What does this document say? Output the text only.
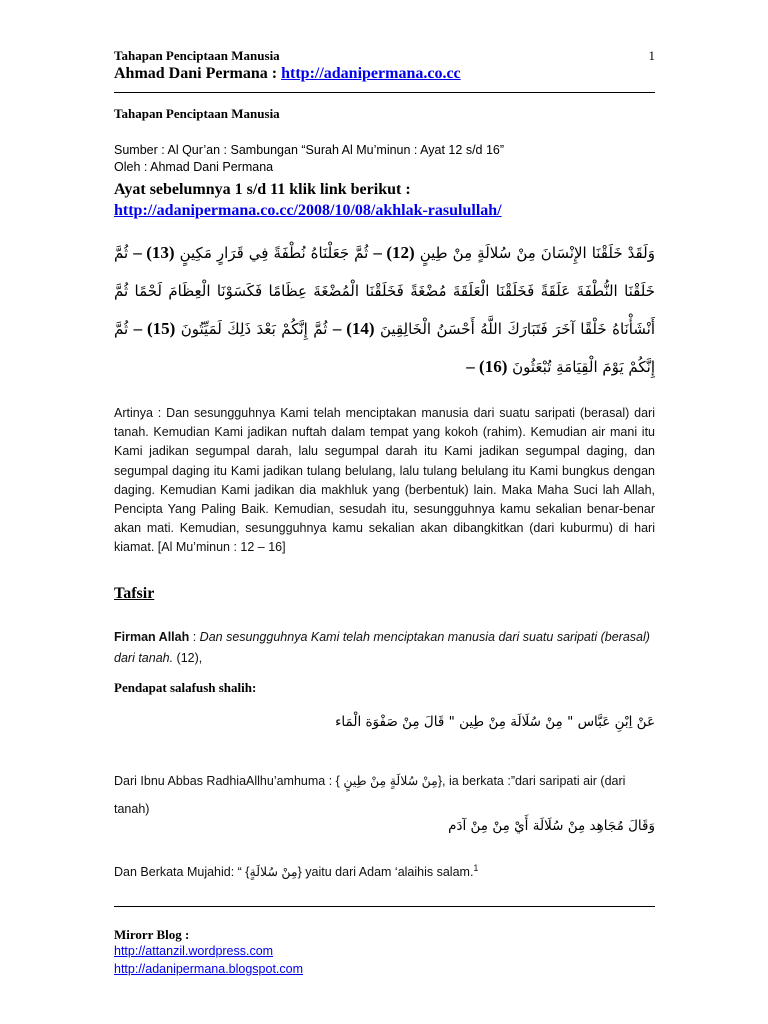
Tahapan Penciptaan Manusia	1
Ahmad Dani Permana : http://adanipermana.co.cc
Tahapan Penciptaan Manusia
Sumber : Al Qur’an : Sambungan “Surah Al Mu’minun : Ayat 12 s/d 16”
Oleh : Ahmad Dani Permana
Ayat sebelumnya 1 s/d 11 klik link berikut :
http://adanipermana.co.cc/2008/10/08/akhlak-rasulullah/
وَلَقَدْ خَلَقْنَا الإِنْسَانَ مِنْ سُلالَةٍ مِنْ طِينٍ – (12) ثُمَّ جَعَلْنَاهُ نُطْفَةً فِي قَرَارٍ مَكِينٍ – (13) ثُمَّ خَلَقْنَا النُّطْفَةَ عَلَقَةً فَخَلَقْنَا الْعَلَقَةَ مُضْغَةً فَخَلَقْنَا الْمُضْغَةَ عِظَامًا فَكَسَوْنَا الْعِظَامَ لَحْمًا ثُمَّ أَنْشَأْنَاهُ خَلْقًا آخَرَ فَتَبَارَكَ اللَّهُ أَحْسَنُ الْخَالِقِينَ – (14) ثُمَّ إِنَّكُمْ بَعْدَ ذَلِكَ لَمَيِّتُونَ – (15) ثُمَّ إِنَّكُمْ يَوْمَ الْقِيَامَةِ تُبْعَثُونَ – (16)
Artinya : Dan sesungguhnya Kami telah menciptakan manusia dari suatu saripati (berasal) dari tanah. Kemudian Kami jadikan nuftah dalam tempat yang kokoh (rahim). Kemudian air mani itu Kami jadikan segumpal darah, lalu segumpal darah itu Kami jadikan segumpal daging, dan segumpal daging itu Kami jadikan tulang belulang, lalu tulang belulang itu Kami bungkus dengan daging. Kemudian Kami jadikan dia makhluk yang (berbentuk) lain. Maka Maha Suci lah Allah, Pencipta Yang Paling Baik. Kemudian, sesudah itu, sesungguhnya kamu sekalian benar-benar akan mati. Kemudian, sesungguhnya kamu sekalian akan dibangkitkan (dari kuburmu) di hari kiamat. [Al Mu’minun : 12 – 16]
Tafsir
Firman Allah : Dan sesungguhnya Kami telah menciptakan manusia dari suatu saripati (berasal) dari tanah. (12),
Pendapat salafush shalih:
عَنْ اِبْنِ عَبَّاس " مِنْ سُلَالَة مِنْ طِين " قَالَ مِنْ صَفْوَة الْمَاء
Dari Ibnu Abbas RadhiaAllhu’amhuma : { مِنْ سُلالَةٍ مِنْ طِينٍ}, ia berkata :”dari saripati air (dari tanah)
وَقَالَ مُجَاهِد مِنْ سُلَالَة أَيْ مِنْ مِنْ آدَم
Dan Berkata Mujahid: “ {مِنْ سُلالَةٍ} yaitu dari Adam ‘alaihis salam.$^1$
Mirorr Blog :
http://attanzil.wordpress.com
http://adanipermana.blogspot.com
